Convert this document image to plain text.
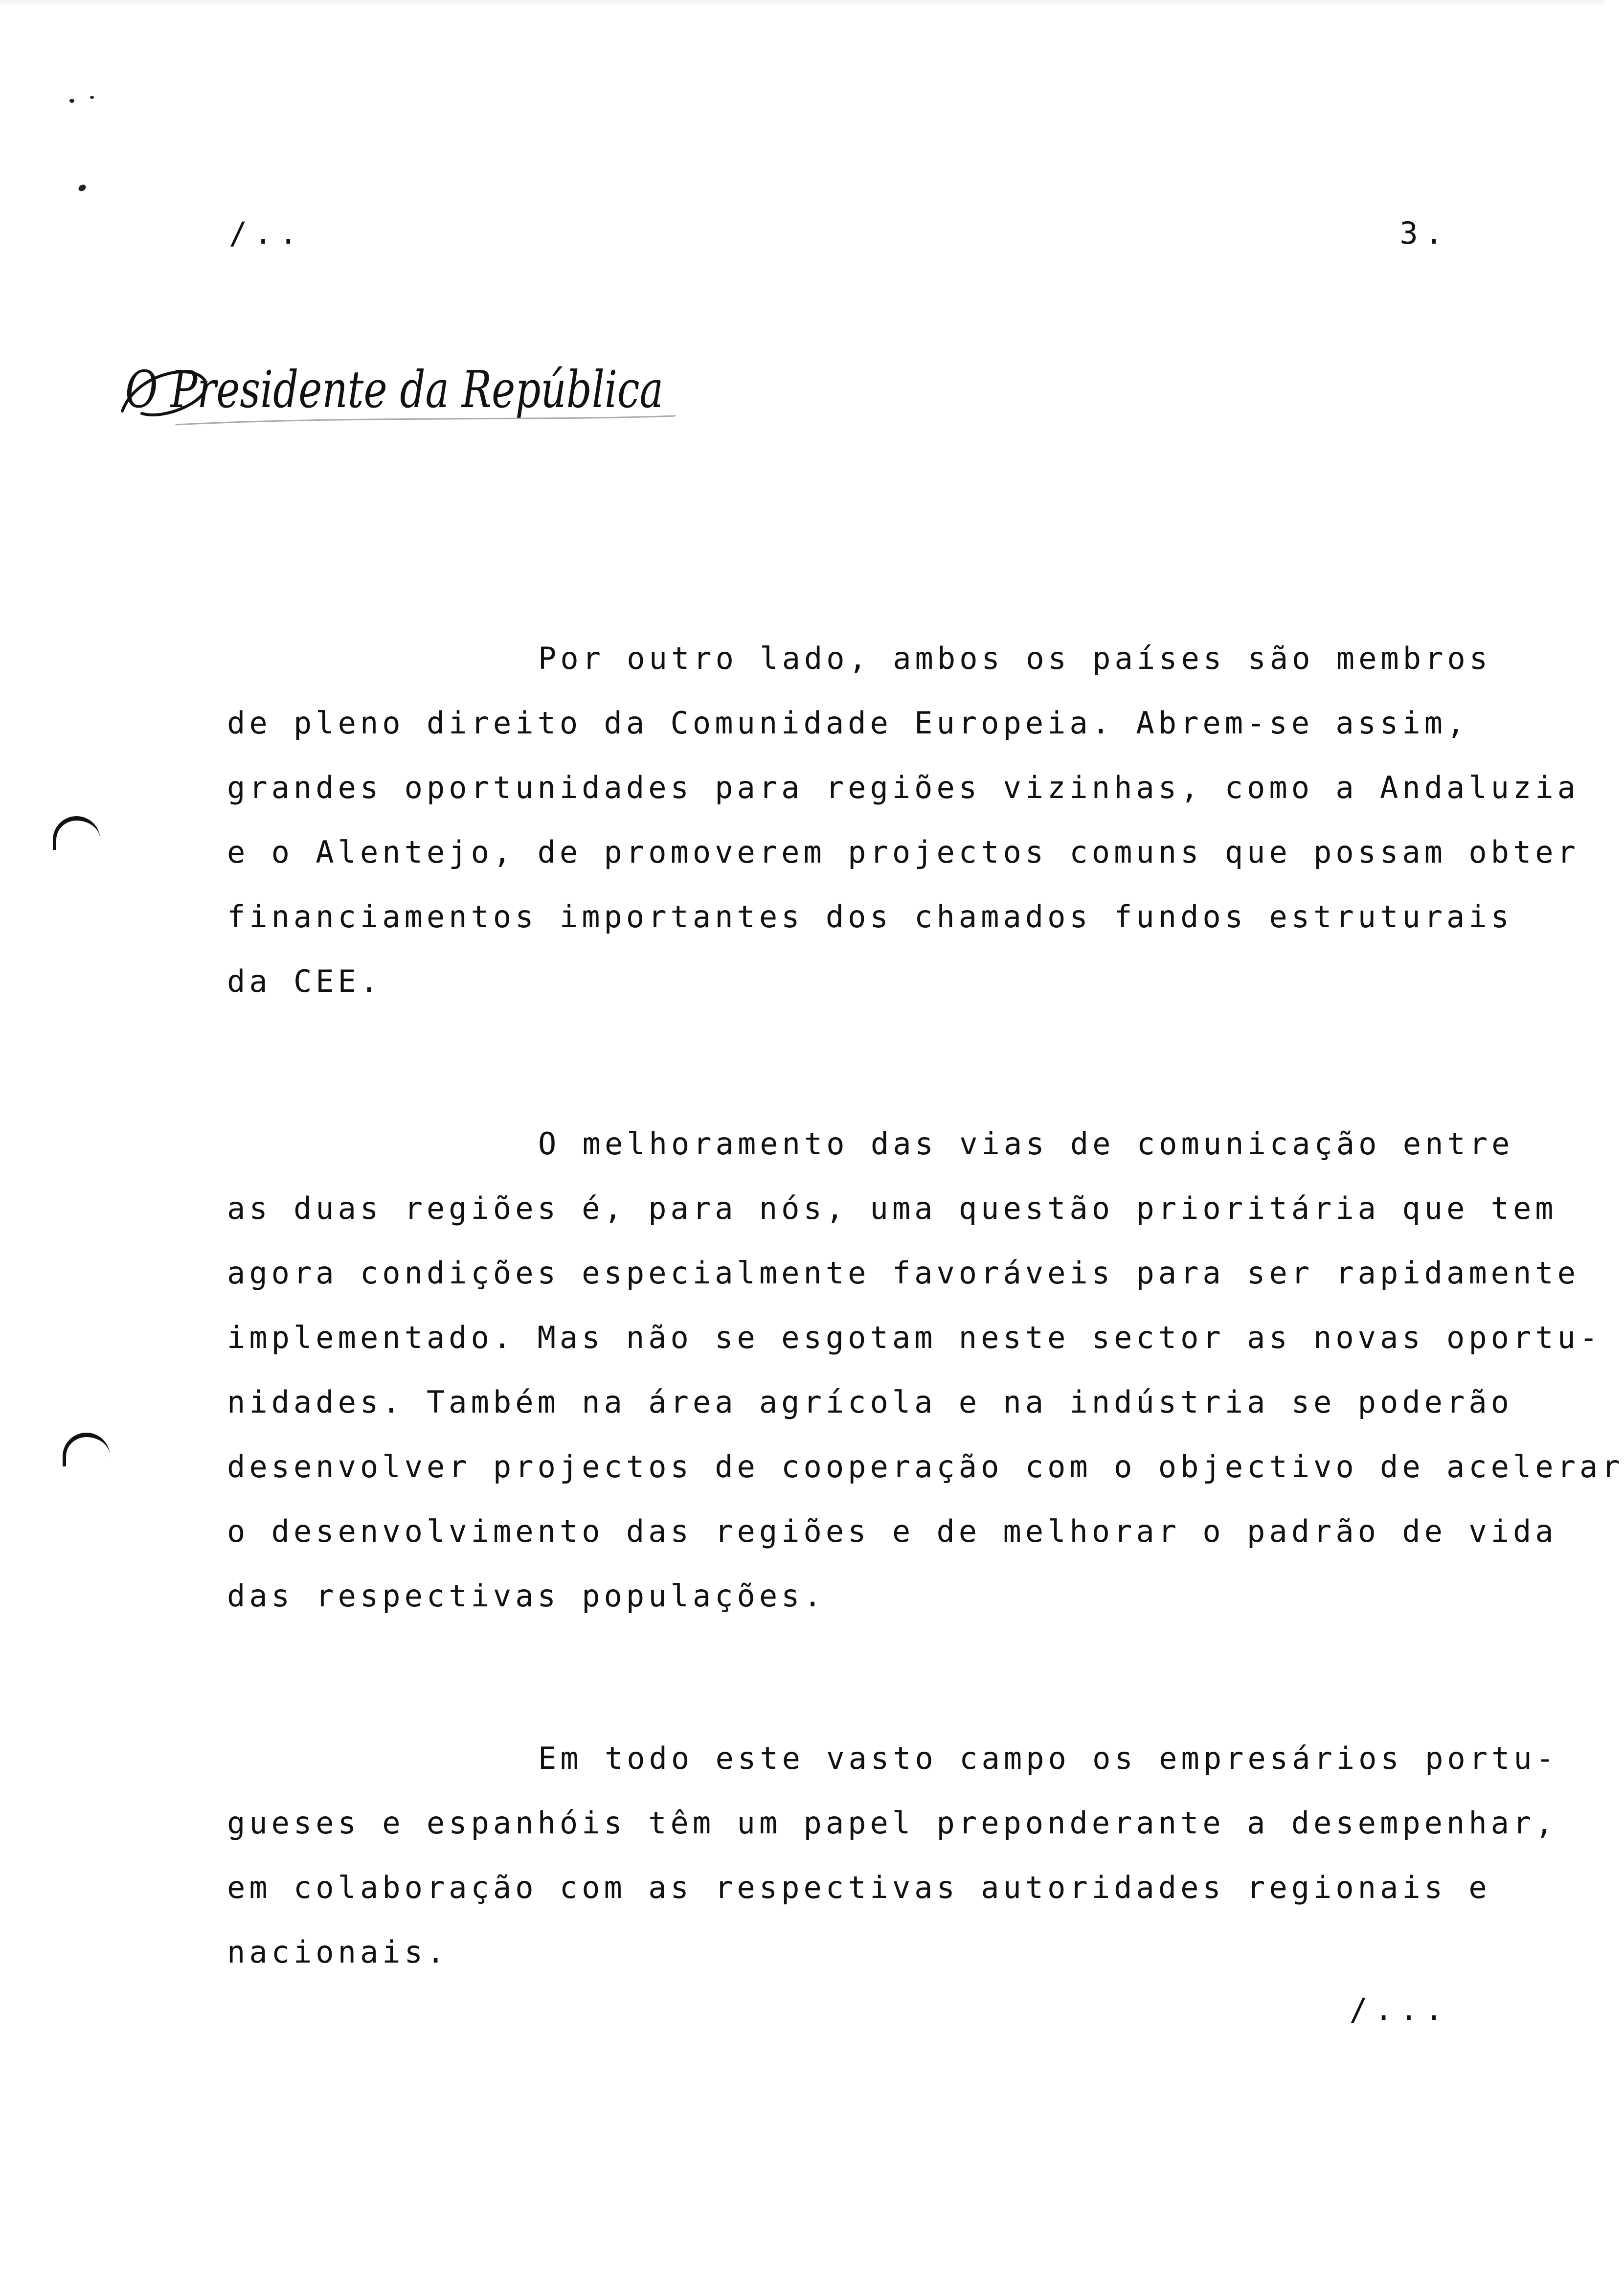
/..	3.
O Presidente da República
Por outro lado, ambos os países são membros
de pleno direito da Comunidade Europeia. Abrem-se assim,
grandes oportunidades para regiões vizinhas, como a Andaluzia
e o Alentejo, de promoverem projectos comuns que possam obter
financiamentos importantes dos chamados fundos estruturais
da CEE.
O melhoramento das vias de comunicação entre
as duas regiões é, para nós, uma questão prioritária que tem
agora condições especialmente favoráveis para ser rapidamente
implementado. Mas não se esgotam neste sector as novas oportu-
nidades. Também na área agrícola e na indústria se poderão
desenvolver projectos de cooperação com o objectivo de acelerar
o desenvolvimento das regiões e de melhorar o padrão de vida
das respectivas populações.
Em todo este vasto campo os empresários portu-
gueses e espanhóis têm um papel preponderante a desempenhar,
em colaboração com as respectivas autoridades regionais e
nacionais.
/...
